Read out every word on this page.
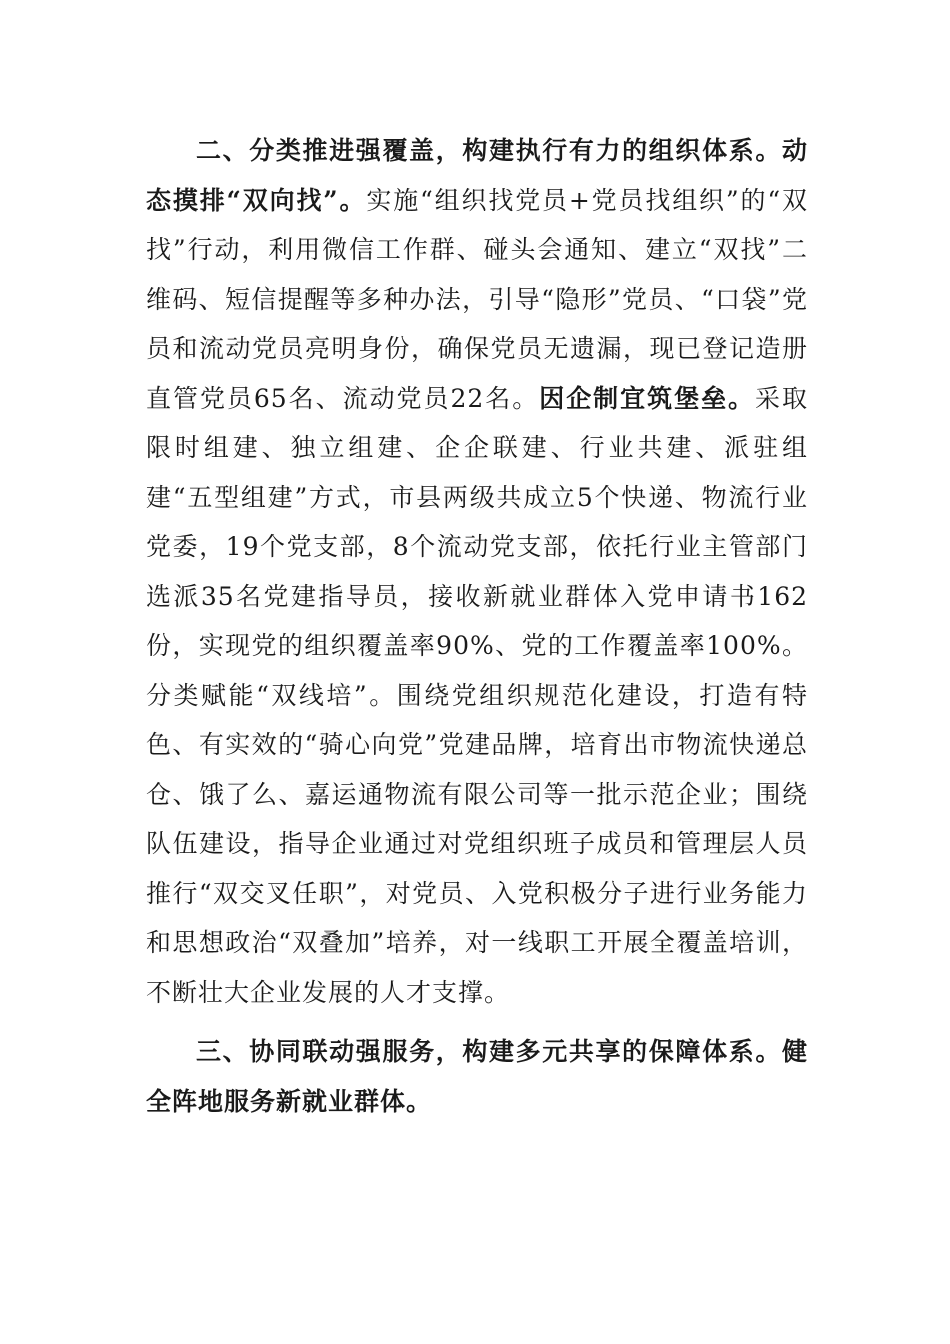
二、分类推进强覆盖，构建执行有力的组织体系。动态摸排“双向找”。实施“组织找党员+党员找组织”的“双找”行动，利用微信工作群、碰头会通知、建立“双找”二维码、短信提醒等多种办法，引导“隐形”党员、“口袋”党员和流动党员亮明身份，确保党员无遗漏，现已登记造册直管党员65名、流动党员22名。因企制宜筑堡垒。采取限时组建、独立组建、企企联建、行业共建、派驻组建“五型组建”方式，市县两级共成立5个快递、物流行业党委，19个党支部，8个流动党支部，依托行业主管部门选派35名党建指导员，接收新就业群体入党申请书162份，实现党的组织覆盖率90%、党的工作覆盖率100%。分类赋能“双线培”。围绕党组织规范化建设，打造有特色、有实效的“骑心向党”党建品牌，培育出市物流快递总仓、饿了么、嘉运通物流有限公司等一批示范企业；围绕队伍建设，指导企业通过对党组织班子成员和管理层人员推行“双交叉任职”，对党员、入党积极分子进行业务能力和思想政治“双叠加”培养，对一线职工开展全覆盖培训，不断壮大企业发展的人才支撑。

三、协同联动强服务，构建多元共享的保障体系。健全阵地服务新就业群体。
